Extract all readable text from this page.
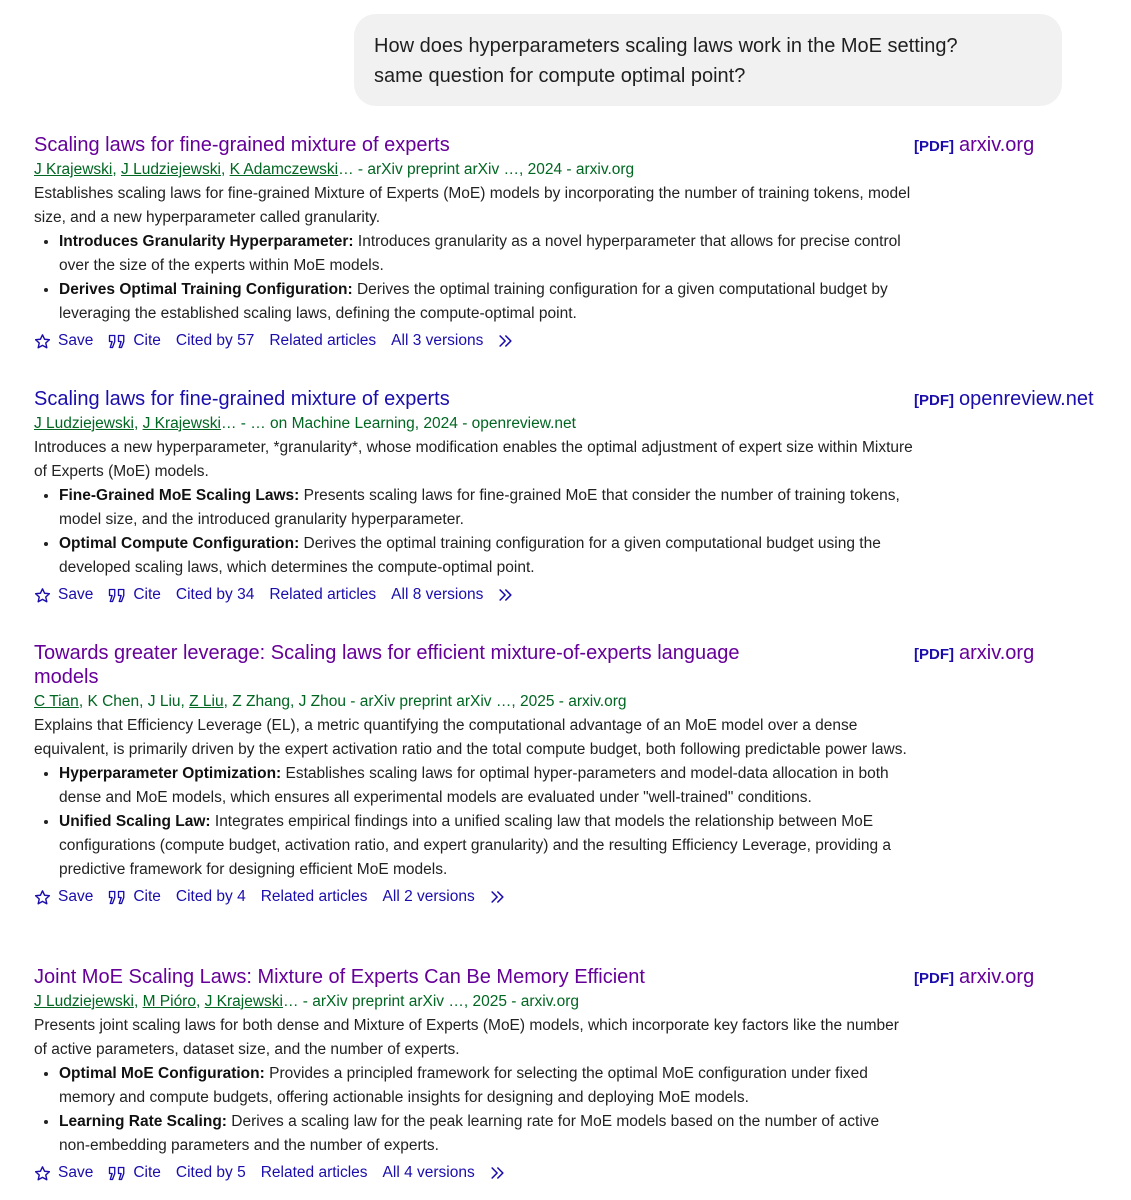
How does hyperparameters scaling laws work in the MoE setting?
same question for compute optimal point?
Scaling laws for fine-grained mixture of experts	[PDF] arxiv.org
J Krajewski, J Ludziejewski, K Adamczewski… - arXiv preprint arXiv …, 2024 - arxiv.org
Establishes scaling laws for fine-grained Mixture of Experts (MoE) models by incorporating the number of training tokens, model size, and a new hyperparameter called granularity.
• Introduces Granularity Hyperparameter: Introduces granularity as a novel hyperparameter that allows for precise control over the size of the experts within MoE models.
• Derives Optimal Training Configuration: Derives the optimal training configuration for a given computational budget by leveraging the established scaling laws, defining the compute-optimal point.
Save	Cite Cited by 57 Related articles All 3 versions
Scaling laws for fine-grained mixture of experts	[PDF] openreview.net
J Ludziejewski, J Krajewski… - … on Machine Learning, 2024 - openreview.net
Introduces a new hyperparameter, *granularity*, whose modification enables the optimal adjustment of expert size within Mixture of Experts (MoE) models.
• Fine-Grained MoE Scaling Laws: Presents scaling laws for fine-grained MoE that consider the number of training tokens, model size, and the introduced granularity hyperparameter.
• Optimal Compute Configuration: Derives the optimal training configuration for a given computational budget using the developed scaling laws, which determines the compute-optimal point.
Save	Cite Cited by 34 Related articles All 8 versions
Towards greater leverage: Scaling laws for efficient mixture-of-experts language models
[PDF] arxiv.org
C Tian, K Chen, J Liu, Z Liu, Z Zhang, J Zhou - arXiv preprint arXiv …, 2025 - arxiv.org
Explains that Efficiency Leverage (EL), a metric quantifying the computational advantage of an MoE model over a dense equivalent, is primarily driven by the expert activation ratio and the total compute budget, both following predictable power laws.
• Hyperparameter Optimization: Establishes scaling laws for optimal hyper-parameters and model-data allocation in both dense and MoE models, which ensures all experimental models are evaluated under "well-trained" conditions.
• Unified Scaling Law: Integrates empirical findings into a unified scaling law that models the relationship between MoE configurations (compute budget, activation ratio, and expert granularity) and the resulting Efficiency Leverage, providing a predictive framework for designing efficient MoE models.
Save	Cite Cited by 4 Related articles All 2 versions
Joint MoE Scaling Laws: Mixture of Experts Can Be Memory Efficient	[PDF] arxiv.org
J Ludziejewski, M Pióro, J Krajewski… - arXiv preprint arXiv …, 2025 - arxiv.org
Presents joint scaling laws for both dense and Mixture of Experts (MoE) models, which incorporate key factors like the number of active parameters, dataset size, and the number of experts.
• Optimal MoE Configuration: Provides a principled framework for selecting the optimal MoE configuration under fixed memory and compute budgets, offering actionable insights for designing and deploying MoE models.
• Learning Rate Scaling: Derives a scaling law for the peak learning rate for MoE models based on the number of active non-embedding parameters and the number of experts.
Save	Cite Cited by 5 Related articles All 4 versions
